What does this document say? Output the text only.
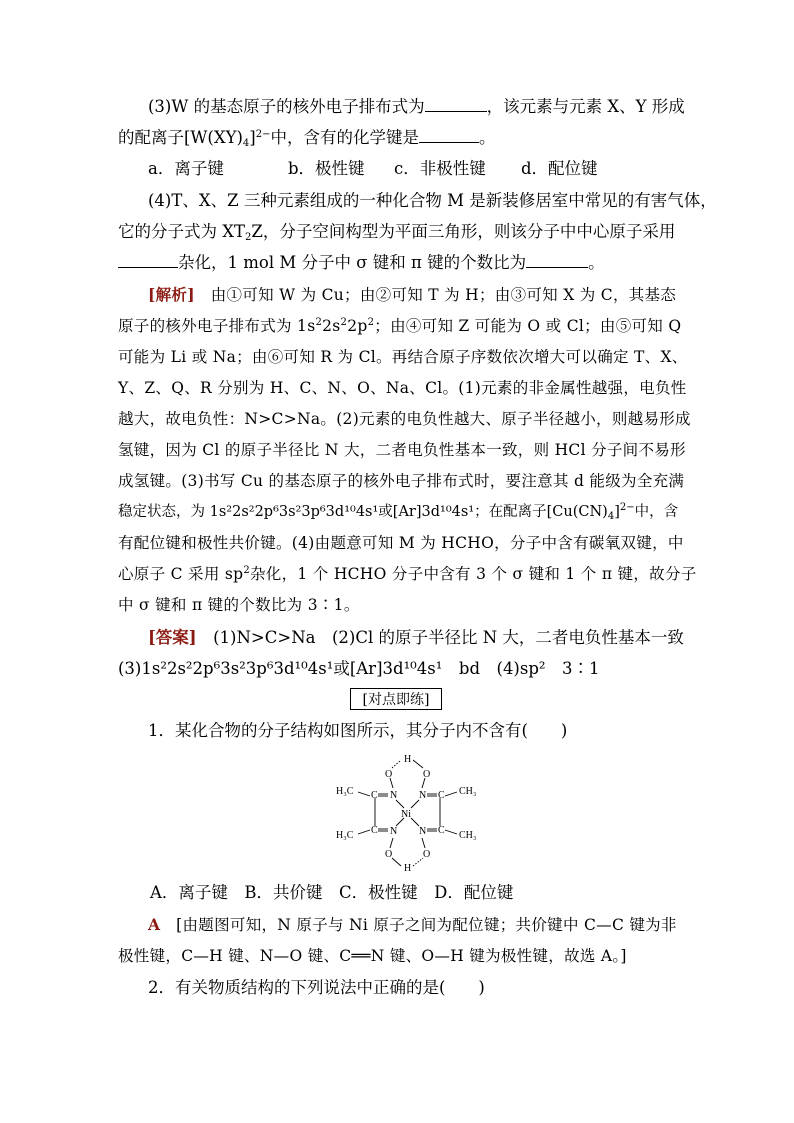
(3)W 的基态原子的核外电子排布式为	，该元素与元素 X、Y 形成
的配离子$[W(XY)_4]^{2-}$中，含有的化学键是	。
a．离子键	b．极性键 c．非极性键 d．配位键
(4)T、X、Z 三种元素组成的一种化合物 M 是新装修居室中常见的有害气体，
它的分子式为 $XT_2Z$，分子空间构型为平面三角形，则该分子中中心原子采用
杂化，1 mol M 分子中 σ 键和 π 键的个数比为	。
[解析]　 由①可知 W 为 Cu；由②可知 T 为 H；由③可知 X 为 C，其基态
原子的核外电子排布式为 $1s^22s^22p^2$；由④可知 Z 可能为 O 或 Cl；由⑤可知 Q
可能为 Li 或 Na；由⑥可知 R 为 Cl。再结合原子序数依次增大可以确定 T、X、
Y、Z、Q、R 分别为 H、C、N、O、Na、Cl。(1)元素的非金属性越强，电负性
越大，故电负性：N>C>Na。(2)元素的电负性越大、原子半径越小，则越易形成
氢键，因为 Cl 的原子半径比 N 大，二者电负性基本一致，则 HCl 分子间不易形
成氢键。(3)书写 Cu 的基态原子的核外电子排布式时，要注意其 d 能级为全充满
稳定状态，为 1s²2s²2p⁶3s²3p⁶3d¹⁰4s¹或[Ar]3d¹⁰4s¹；在配离子$[Cu(CN)_4]^{2-}$中，含
有配位键和极性共价键。(4)由题意可知 M 为 HCHO，分子中含有碳氧双键，中
心原子 C 采用 $sp^2$杂化，1 个 HCHO 分子中含有 3 个 σ 键和 1 个 π 键，故分子
中 σ 键和 π 键的个数比为 3∶1。
[答案]　 (1)N>C>Na　(2)Cl 的原子半径比 N 大，二者电负性基本一致
(3)1s²2s²2p⁶3s²3p⁶3d¹⁰4s¹或[Ar]3d¹⁰4s¹　bd　(4)sp²　3∶1
[对点即练]
1．某化合物的分子结构如图所示，其分子内不含有(　　)
H
O	O
N N
C	C
Ni
C	C
N N
O	O
H
H₃C
H₃C
CH₃
CH₃
A．离子键　B．共价键　C．极性键　D．配位键
A　 [由题图可知，N 原子与 Ni 原子之间为配位键；共价键中 C—C 键为非
极性键，C—H 键、N—O 键、C══N 键、O—H 键为极性键，故选 A。]
2．有关物质结构的下列说法中正确的是(　　)
